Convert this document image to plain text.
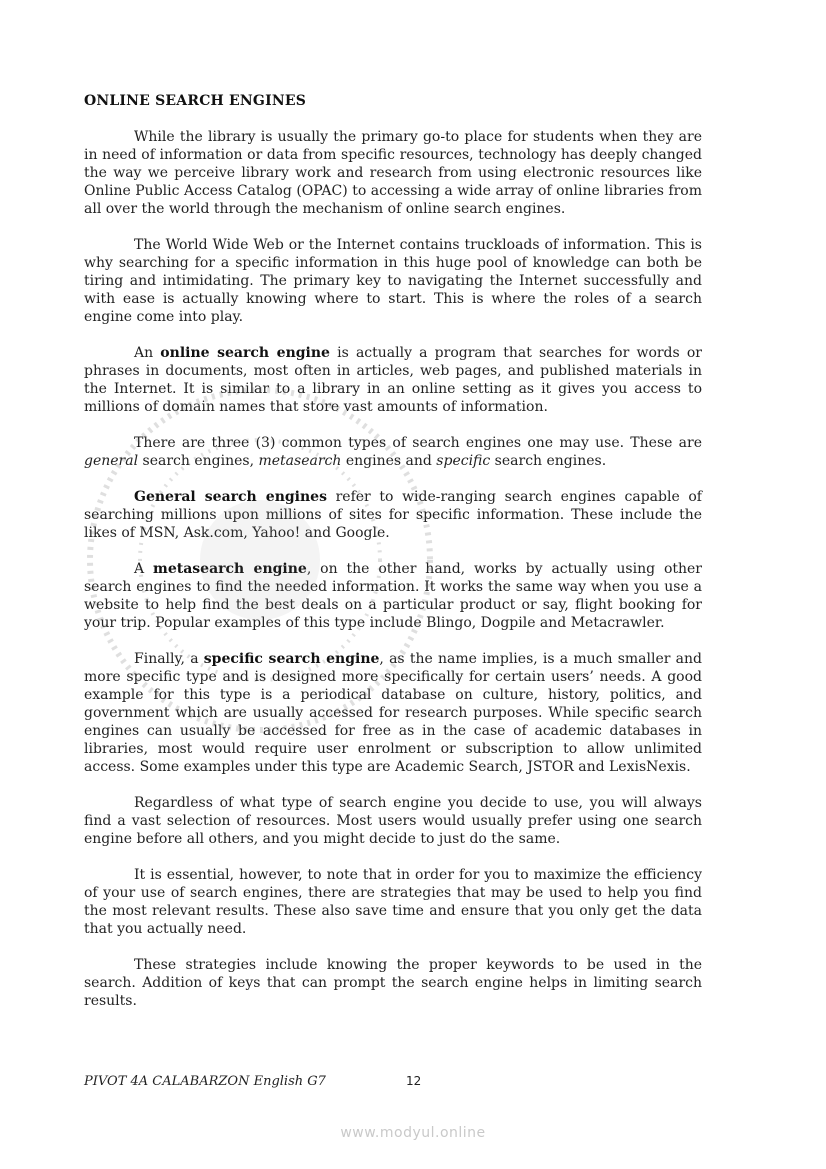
ONLINE SEARCH ENGINES

While the library is usually the primary go-to place for students when they are in need of information or data from specific resources, technology has deeply changed the way we perceive library work and research from using electronic resources like Online Public Access Catalog (OPAC) to accessing a wide array of online libraries from all over the world through the mechanism of online search engines.

The World Wide Web or the Internet contains truckloads of information. This is why searching for a specific information in this huge pool of knowledge can both be tiring and intimidating. The primary key to navigating the Internet successfully and with ease is actually knowing where to start. This is where the roles of a search engine come into play.

An online search engine is actually a program that searches for words or phrases in documents, most often in articles, web pages, and published materials in the Internet. It is similar to a library in an online setting as it gives you access to millions of domain names that store vast amounts of information.

There are three (3) common types of search engines one may use. These are general search engines, metasearch engines and specific search engines.

General search engines refer to wide-ranging search engines capable of searching millions upon millions of sites for specific information. These include the likes of MSN, Ask.com, Yahoo! and Google.

A metasearch engine, on the other hand, works by actually using other search engines to find the needed information. It works the same way when you use a website to help find the best deals on a particular product or say, flight booking for your trip. Popular examples of this type include Blingo, Dogpile and Metacrawler.

Finally, a specific search engine, as the name implies, is a much smaller and more specific type and is designed more specifically for certain users’ needs. A good example for this type is a periodical database on culture, history, politics, and government which are usually accessed for research purposes. While specific search engines can usually be accessed for free as in the case of academic databases in libraries, most would require user enrolment or subscription to allow unlimited access. Some examples under this type are Academic Search, JSTOR and LexisNexis.

Regardless of what type of search engine you decide to use, you will always find a vast selection of resources. Most users would usually prefer using one search engine before all others, and you might decide to just do the same.

It is essential, however, to note that in order for you to maximize the efficiency of your use of search engines, there are strategies that may be used to help you find the most relevant results. These also save time and ensure that you only get the data that you actually need.

These strategies include knowing the proper keywords to be used in the search. Addition of keys that can prompt the search engine helps in limiting search results.

PIVOT 4A CALABARZON English G7	12
www.modyul.online
